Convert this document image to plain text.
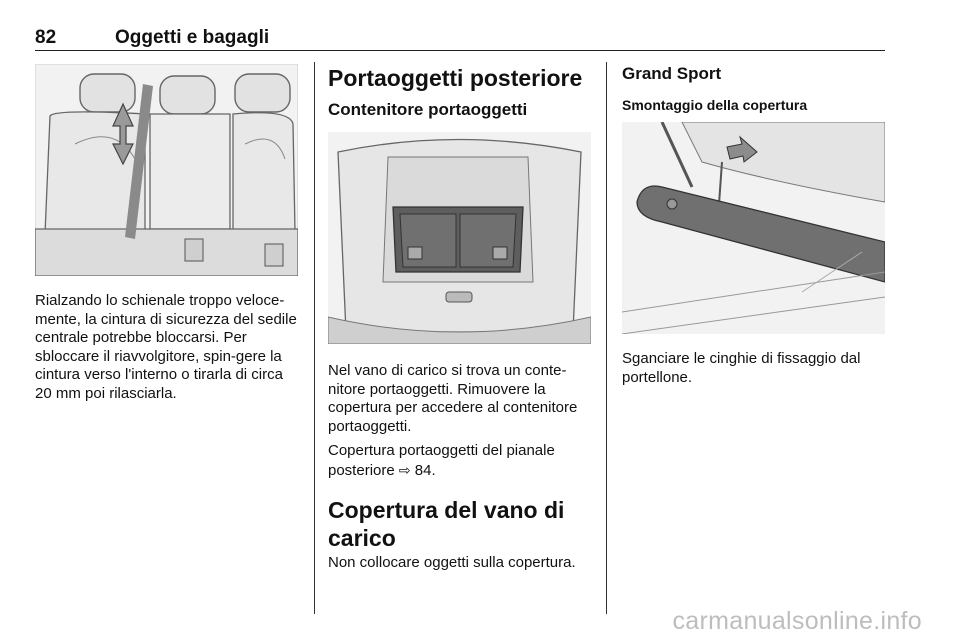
82	Oggetti e bagagli

Rialzando lo schienale troppo veloce-mente, la cintura di sicurezza del sedile centrale potrebbe bloccarsi. Per sbloccare il riavvolgitore, spin-gere la cintura verso l'interno o tirarla di circa 20 mm poi rilasciarla.

Portaoggetti posteriore
Contenitore portaoggetti

Nel vano di carico si trova un conte-nitore portaoggetti. Rimuovere la copertura per accedere al contenitore portaoggetti.

Copertura portaoggetti del pianale posteriore ⇨ 84.

Copertura del vano di carico

Non collocare oggetti sulla copertura.

Grand Sport
Smontaggio della copertura

Sganciare le cinghie di fissaggio dal portellone.

carmanualsonline.info
